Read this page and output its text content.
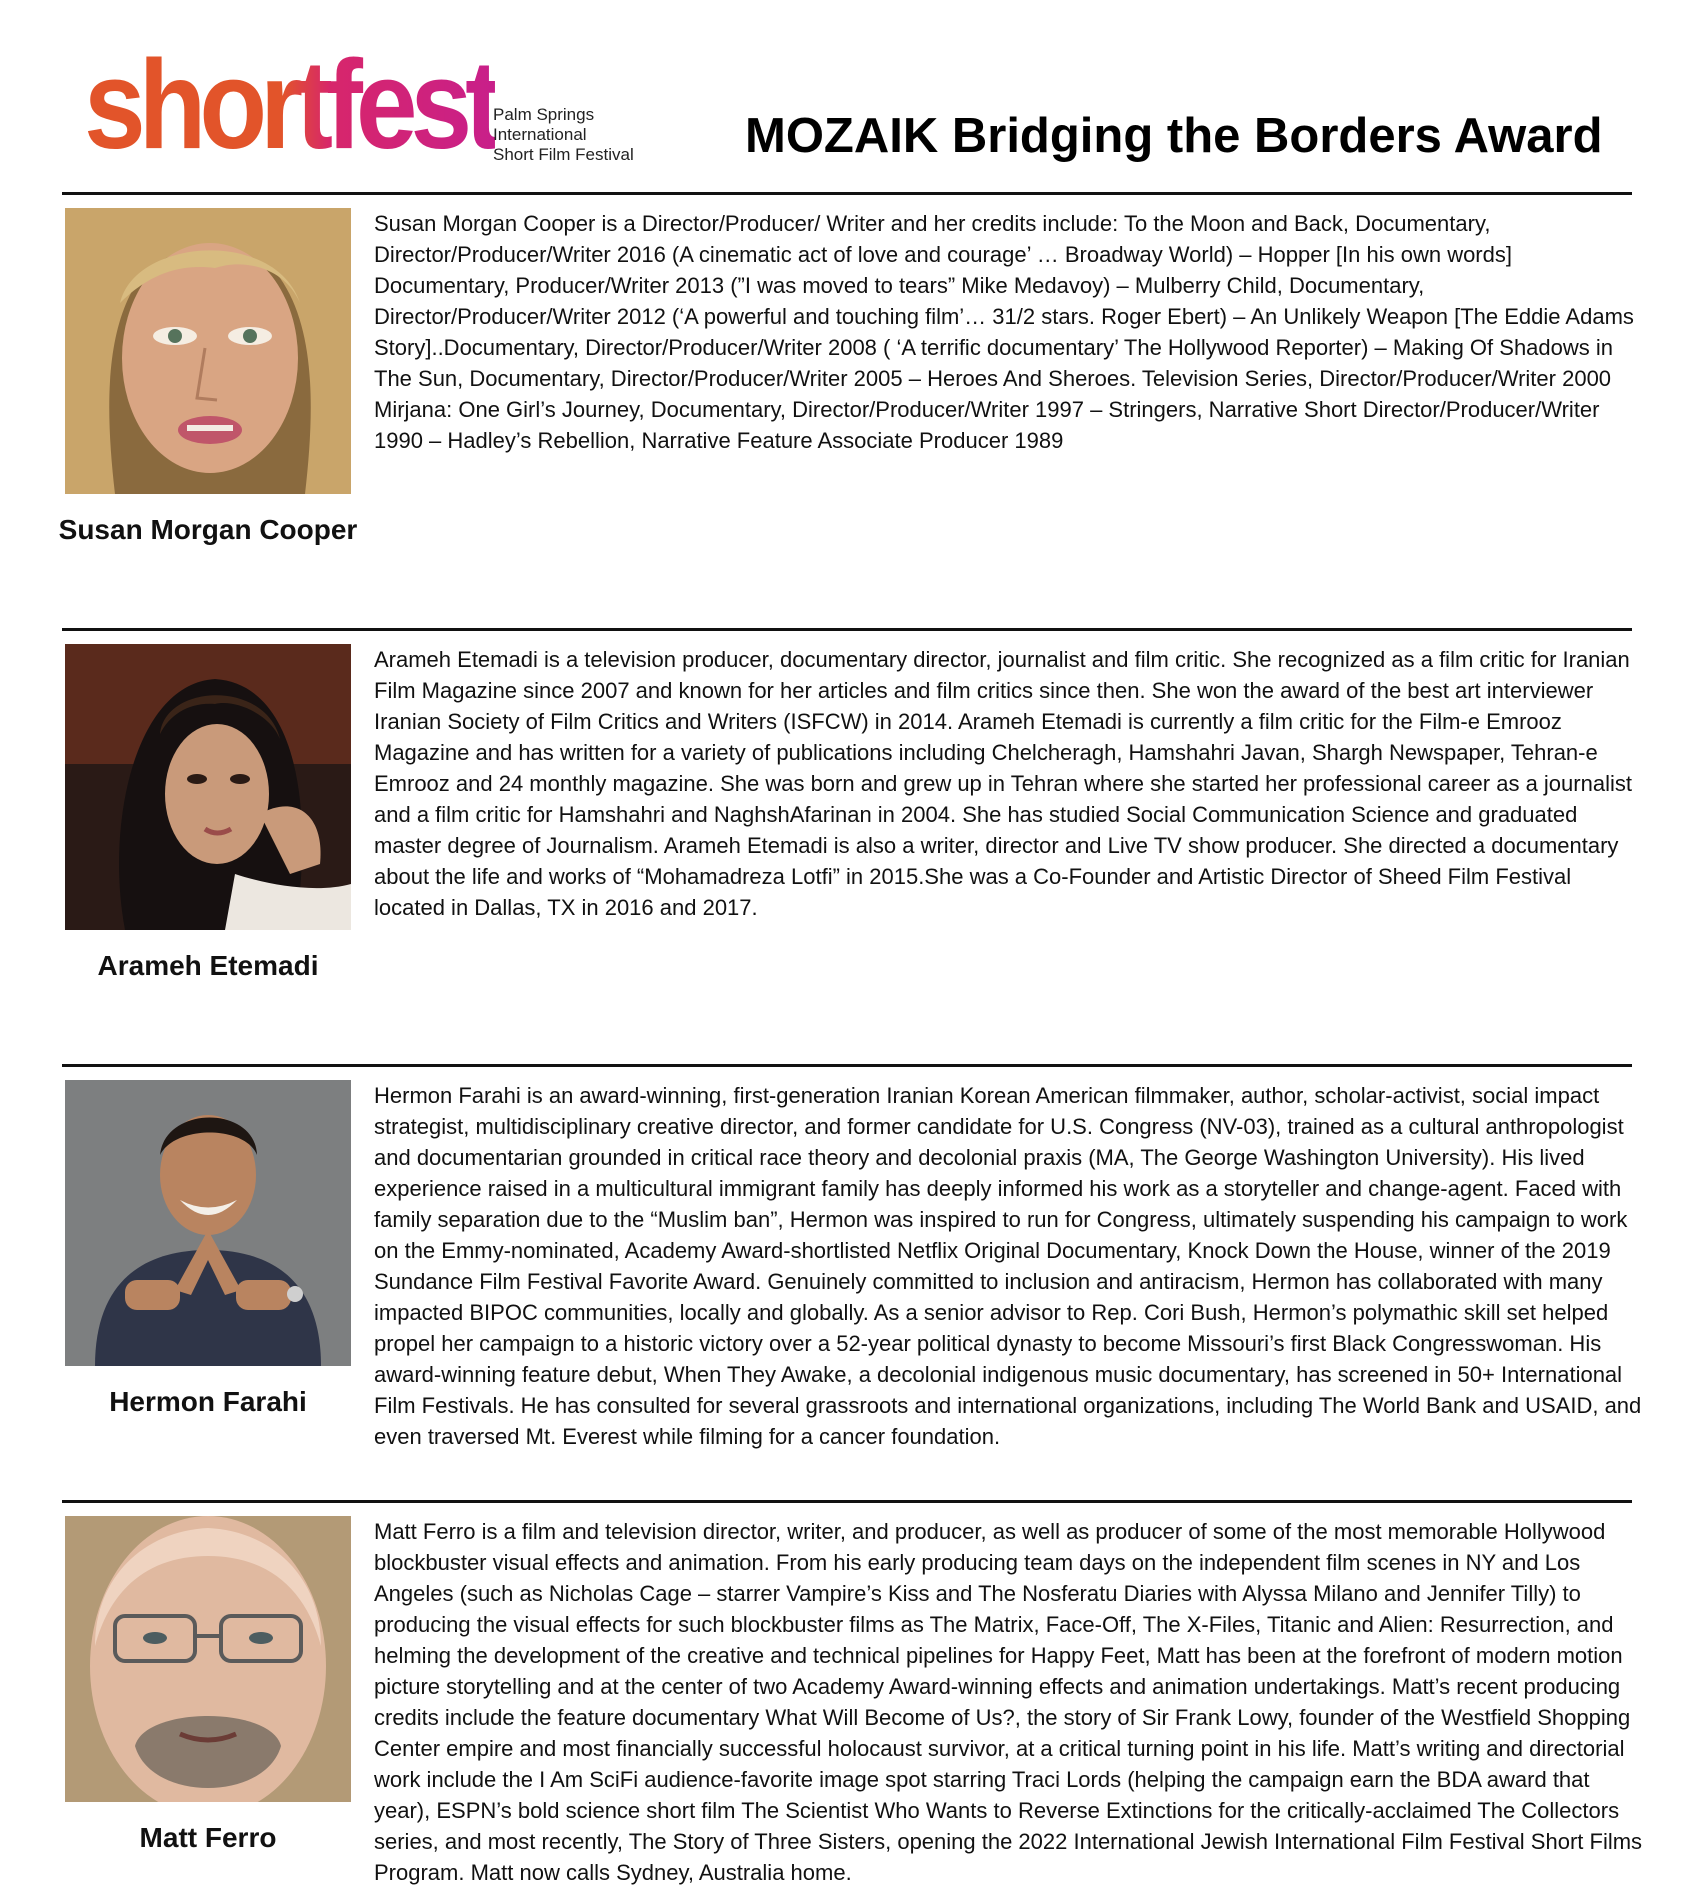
shortfest
Palm Springs
International
Short Film Festival	MOZAIK Bridging the Borders Award
Susan Morgan Cooper
Susan Morgan Cooper is a Director/Producer/ Writer and her credits include: To the Moon and Back, Documentary, Director/Producer/Writer 2016 (A cinematic act of love and courage’ … Broadway World) – Hopper [In his own words] Documentary, Producer/Writer 2013 (”I was moved to tears” Mike Medavoy) – Mulberry Child, Documentary, Director/Producer/Writer 2012 (‘A powerful and touching film’… 31/2 stars. Roger Ebert) – An Unlikely Weapon [The Eddie Adams Story]..Documentary, Director/Producer/Writer 2008 ( ‘A terrific documentary’ The Hollywood Reporter) – Making Of Shadows in The Sun, Documentary, Director/Producer/Writer 2005 – Heroes And Sheroes. Television Series, Director/Producer/Writer 2000 Mirjana: One Girl’s Journey, Documentary, Director/Producer/Writer 1997 – Stringers, Narrative Short Director/Producer/Writer 1990 – Hadley’s Rebellion, Narrative Feature Associate Producer 1989
Arameh Etemadi
Arameh Etemadi is a television producer, documentary director, journalist and film critic. She recognized as a film critic for Iranian Film Magazine since 2007 and known for her articles and film critics since then. She won the award of the best art interviewer Iranian Society of Film Critics and Writers (ISFCW) in 2014. Arameh Etemadi is currently a film critic for the Film-e Emrooz Magazine and has written for a variety of publications including Chelcheragh, Hamshahri Javan, Shargh Newspaper, Tehran-e Emrooz and 24 monthly magazine. She was born and grew up in Tehran where she started her professional career as a journalist and a film critic for Hamshahri and NaghshAfarinan in 2004. She has studied Social Communication Science and graduated master degree of Journalism. Arameh Etemadi is also a writer, director and Live TV show producer. She directed a documentary about the life and works of “Mohamadreza Lotfi” in 2015.She was a Co-Founder and Artistic Director of Sheed Film Festival located in Dallas, TX in 2016 and 2017.
Hermon Farahi
Hermon Farahi is an award-winning, first-generation Iranian Korean American filmmaker, author, scholar-activist, social impact strategist, multidisciplinary creative director, and former candidate for U.S. Congress (NV-03), trained as a cultural anthropologist and documentarian grounded in critical race theory and decolonial praxis (MA, The George Washington University). His lived experience raised in a multicultural immigrant family has deeply informed his work as a storyteller and change-agent. Faced with family separation due to the “Muslim ban”, Hermon was inspired to run for Congress, ultimately suspending his campaign to work on the Emmy-nominated, Academy Award-shortlisted Netflix Original Documentary, Knock Down the House, winner of the 2019 Sundance Film Festival Favorite Award. Genuinely committed to inclusion and antiracism, Hermon has collaborated with many impacted BIPOC communities, locally and globally. As a senior advisor to Rep. Cori Bush, Hermon’s polymathic skill set helped propel her campaign to a historic victory over a 52-year political dynasty to become Missouri’s first Black Congresswoman. His award-winning feature debut, When They Awake, a decolonial indigenous music documentary, has screened in 50+ International Film Festivals. He has consulted for several grassroots and international organizations, including The World Bank and USAID, and even traversed Mt. Everest while filming for a cancer foundation.
Matt Ferro
Matt Ferro is a film and television director, writer, and producer, as well as producer of some of the most memorable Hollywood blockbuster visual effects and animation. From his early producing team days on the independent film scenes in NY and Los Angeles (such as Nicholas Cage – starrer Vampire’s Kiss and The Nosferatu Diaries with Alyssa Milano and Jennifer Tilly) to producing the visual effects for such blockbuster films as The Matrix, Face-Off, The X-Files, Titanic and Alien: Resurrection, and helming the development of the creative and technical pipelines for Happy Feet, Matt has been at the forefront of modern motion picture storytelling and at the center of two Academy Award-winning effects and animation undertakings. Matt’s recent producing credits include the feature documentary What Will Become of Us?, the story of Sir Frank Lowy, founder of the Westfield Shopping Center empire and most financially successful holocaust survivor, at a critical turning point in his life. Matt’s writing and directorial work include the I Am SciFi audience-favorite image spot starring Traci Lords (helping the campaign earn the BDA award that year), ESPN’s bold science short film The Scientist Who Wants to Reverse Extinctions for the critically-acclaimed The Collectors series, and most recently, The Story of Three Sisters, opening the 2022 International Jewish International Film Festival Short Films Program. Matt now calls Sydney, Australia home.
